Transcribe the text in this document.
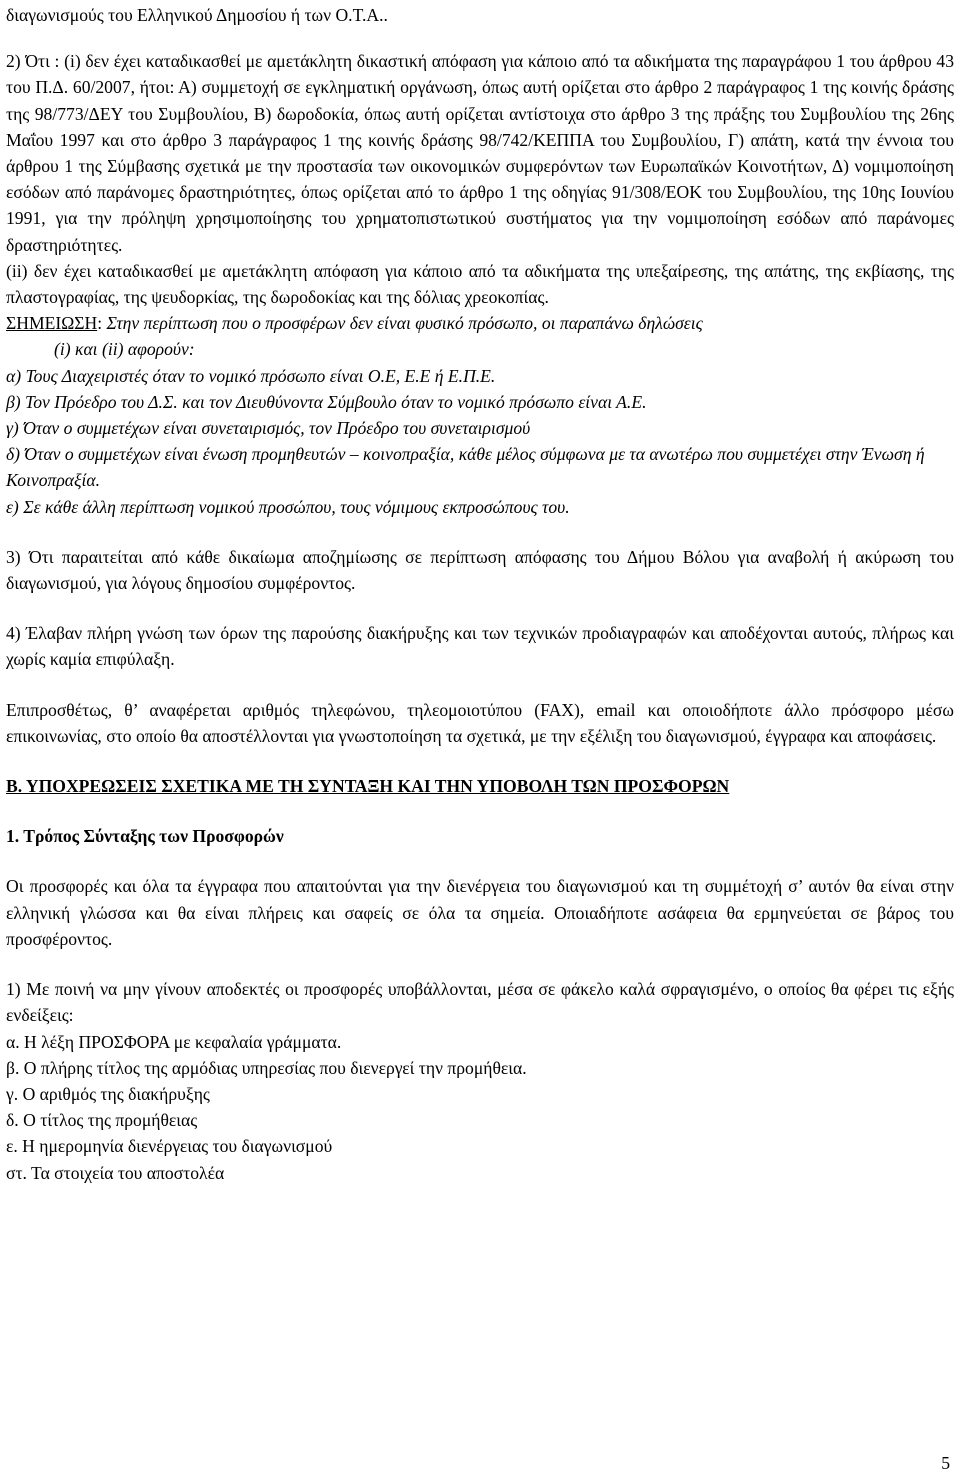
διαγωνισμούς του Ελληνικού Δημοσίου ή των Ο.Τ.Α..

2) Ότι : (i) δεν έχει καταδικασθεί με αμετάκλητη δικαστική απόφαση για κάποιο από τα αδικήματα της παραγράφου 1 του άρθρου 43 του Π.Δ. 60/2007, ήτοι: Α) συμμετοχή σε εγκληματική οργάνωση, όπως αυτή ορίζεται στο άρθρο 2 παράγραφος 1 της κοινής δράσης της 98/773/ΔΕΥ του Συμβουλίου, Β) δωροδοκία, όπως αυτή ορίζεται αντίστοιχα στο άρθρο 3 της πράξης του Συμβουλίου της 26ης Μαΐου 1997 και στο άρθρο 3 παράγραφος 1 της κοινής δράσης 98/742/ΚΕΠΠΑ του Συμβουλίου, Γ) απάτη, κατά την έννοια του άρθρου 1 της Σύμβασης σχετικά με την προστασία των οικονομικών συμφερόντων των Ευρωπαϊκών Κοινοτήτων, Δ) νομιμοποίηση εσόδων από παράνομες δραστηριότητες, όπως ορίζεται από το άρθρο 1 της οδηγίας 91/308/ΕΟΚ του Συμβουλίου, της 10ης Ιουνίου 1991, για την πρόληψη χρησιμοποίησης του χρηματοπιστωτικού συστήματος για την νομιμοποίηση εσόδων από παράνομες δραστηριότητες.

(ii) δεν έχει καταδικασθεί με αμετάκλητη απόφαση για κάποιο από τα αδικήματα της υπεξαίρεσης, της απάτης, της εκβίασης, της πλαστογραφίας, της ψευδορκίας, της δωροδοκίας και της δόλιας χρεοκοπίας.

ΣΗΜΕΙΩΣΗ: Στην περίπτωση που ο προσφέρων δεν είναι φυσικό πρόσωπο, οι παραπάνω δηλώσεις

(i) και (ii) αφορούν:

α) Τους Διαχειριστές όταν το νομικό πρόσωπο είναι Ο.Ε, Ε.Ε ή Ε.Π.Ε.

β) Τον Πρόεδρο του Δ.Σ. και τον Διευθύνοντα Σύμβουλο όταν το νομικό πρόσωπο είναι Α.Ε.

γ) Όταν ο συμμετέχων είναι συνεταιρισμός, τον Πρόεδρο του συνεταιρισμού

δ) Όταν ο συμμετέχων είναι ένωση προμηθευτών – κοινοπραξία, κάθε μέλος σύμφωνα με τα ανωτέρω που συμμετέχει στην Ένωση ή Κοινοπραξία.

ε) Σε κάθε άλλη περίπτωση νομικού προσώπου, τους νόμιμους εκπροσώπους του.

3) Ότι παραιτείται από κάθε δικαίωμα αποζημίωσης σε περίπτωση απόφασης του Δήμου Βόλου για αναβολή ή ακύρωση του διαγωνισμού, για λόγους δημοσίου συμφέροντος.

4) Έλαβαν πλήρη γνώση των όρων της παρούσης διακήρυξης και των τεχνικών προδιαγραφών και αποδέχονται αυτούς, πλήρως και χωρίς καμία επιφύλαξη.

Επιπροσθέτως, θ’ αναφέρεται αριθμός τηλεφώνου, τηλεομοιοτύπου (FAX), email και οποιοδήποτε άλλο πρόσφορο μέσω επικοινωνίας, στο οποίο θα αποστέλλονται για γνωστοποίηση τα σχετικά, με την εξέλιξη του διαγωνισμού, έγγραφα και αποφάσεις.

Β. ΥΠΟΧΡΕΩΣΕΙΣ ΣΧΕΤΙΚΑ ΜΕ ΤΗ ΣΥΝΤΑΞΗ ΚΑΙ ΤΗΝ ΥΠΟΒΟΛΗ ΤΩΝ ΠΡΟΣΦΟΡΩΝ

1. Τρόπος Σύνταξης των Προσφορών

Οι προσφορές και όλα τα έγγραφα που απαιτούνται για την διενέργεια του διαγωνισμού και τη συμμέτοχή σ’ αυτόν θα είναι στην ελληνική γλώσσα και θα είναι πλήρεις και σαφείς σε όλα τα σημεία. Οποιαδήποτε ασάφεια θα ερμηνεύεται σε βάρος του προσφέροντος.

1) Με ποινή να μην γίνουν αποδεκτές οι προσφορές υποβάλλονται, μέσα σε φάκελο καλά σφραγισμένο, ο οποίος θα φέρει τις εξής ενδείξεις:

α. Η λέξη ΠΡΟΣΦΟΡΑ με κεφαλαία γράμματα.

β. Ο πλήρης τίτλος της αρμόδιας υπηρεσίας που διενεργεί την προμήθεια.

γ. Ο αριθμός της διακήρυξης

δ. Ο τίτλος της προμήθειας

ε. Η ημερομηνία διενέργειας του διαγωνισμού

στ. Τα στοιχεία του αποστολέα

5
